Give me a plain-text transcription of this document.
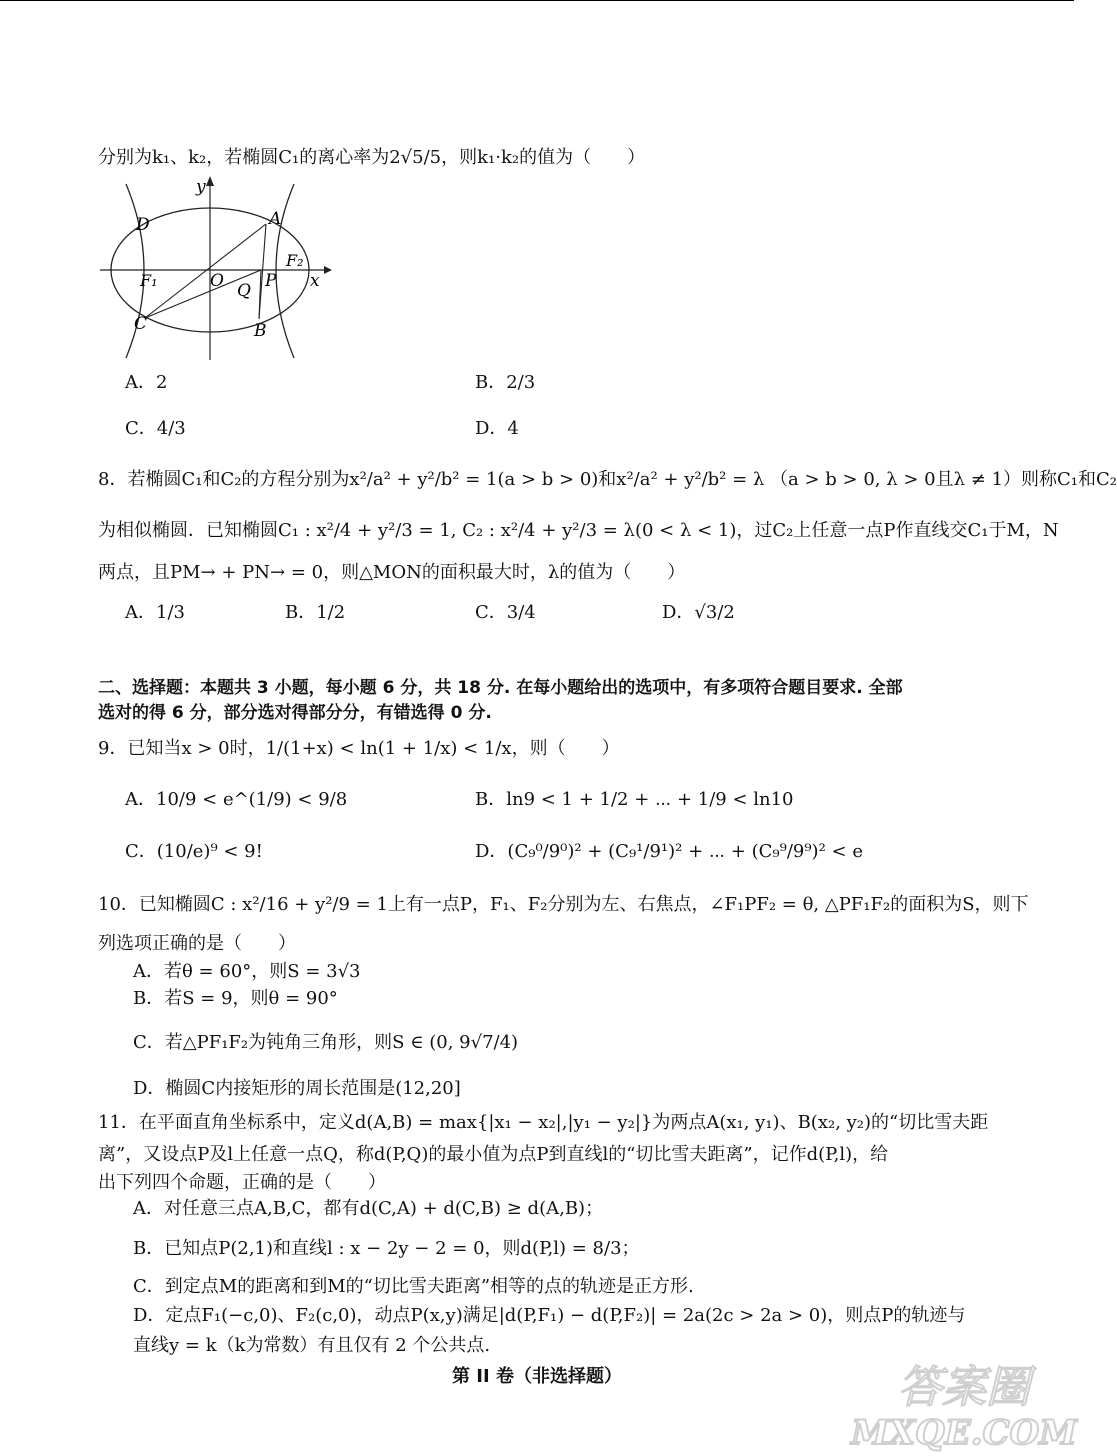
分别为k₁、k₂，若椭圆C₁的离心率为2√5/5，则k₁·k₂的值为（　　）
y
D	A
F₂
F₁	O Q P x
C	B
A．2	B．2/3
C．4/3	D．4
8．若椭圆C₁和C₂的方程分别为x²/a² + y²/b² = 1(a > b > 0)和x²/a² + y²/b² = λ （a > b > 0, λ > 0且λ ≠ 1）则称C₁和C₂
为相似椭圆．已知椭圆C₁ : x²/4 + y²/3 = 1, C₂ : x²/4 + y²/3 = λ(0 < λ < 1)，过C₂上任意一点P作直线交C₁于M，N
两点，且PM→ + PN→ = 0，则△MON的面积最大时，λ的值为（　　）
A．1/3	B．1/2	C．3/4	D．√3/2
二、选择题：本题共 3 小题，每小题 6 分，共 18 分. 在每小题给出的选项中，有多项符合题目要求. 全部
选对的得 6 分，部分选对得部分分，有错选得 0 分.
9．已知当x > 0时，1/(1+x) < ln(1 + 1/x) < 1/x，则（　　）
A．10/9 < e^(1/9) < 9/8	B．ln9 < 1 + 1/2 + ⋯ + 1/9 < ln10
C．(10/e)⁹ < 9!	D．(C₉⁰/9⁰)² + (C₉¹/9¹)² + ⋯ + (C₉⁹/9⁹)² < e
10．已知椭圆C : x²/16 + y²/9 = 1上有一点P，F₁、F₂分别为左、右焦点，∠F₁PF₂ = θ, △PF₁F₂的面积为S，则下
列选项正确的是（　　）
A．若θ = 60°，则S = 3√3
B．若S = 9，则θ = 90°
C．若△PF₁F₂为钝角三角形，则S ∈ (0, 9√7/4)
D．椭圆C内接矩形的周长范围是(12,20]
11．在平面直角坐标系中，定义d(A,B) = max{|x₁ − x₂|,|y₁ − y₂|}为两点A(x₁, y₁)、B(x₂, y₂)的“切比雪夫距
离”，又设点P及l上任意一点Q，称d(P,Q)的最小值为点P到直线l的“切比雪夫距离”，记作d(P,l)，给
出下列四个命题，正确的是（　　）
A．对任意三点A,B,C，都有d(C,A) + d(C,B) ≥ d(A,B)；
B．已知点P(2,1)和直线l : x − 2y − 2 = 0，则d(P,l) = 8/3；
C．到定点M的距离和到M的“切比雪夫距离”相等的点的轨迹是正方形.
D．定点F₁(−c,0)、F₂(c,0)，动点P(x,y)满足|d(P,F₁) − d(P,F₂)| = 2a(2c > 2a > 0)，则点P的轨迹与
直线y = k（k为常数）有且仅有 2 个公共点.
第 II 卷（非选择题）	答案圈
MXQE.COM
